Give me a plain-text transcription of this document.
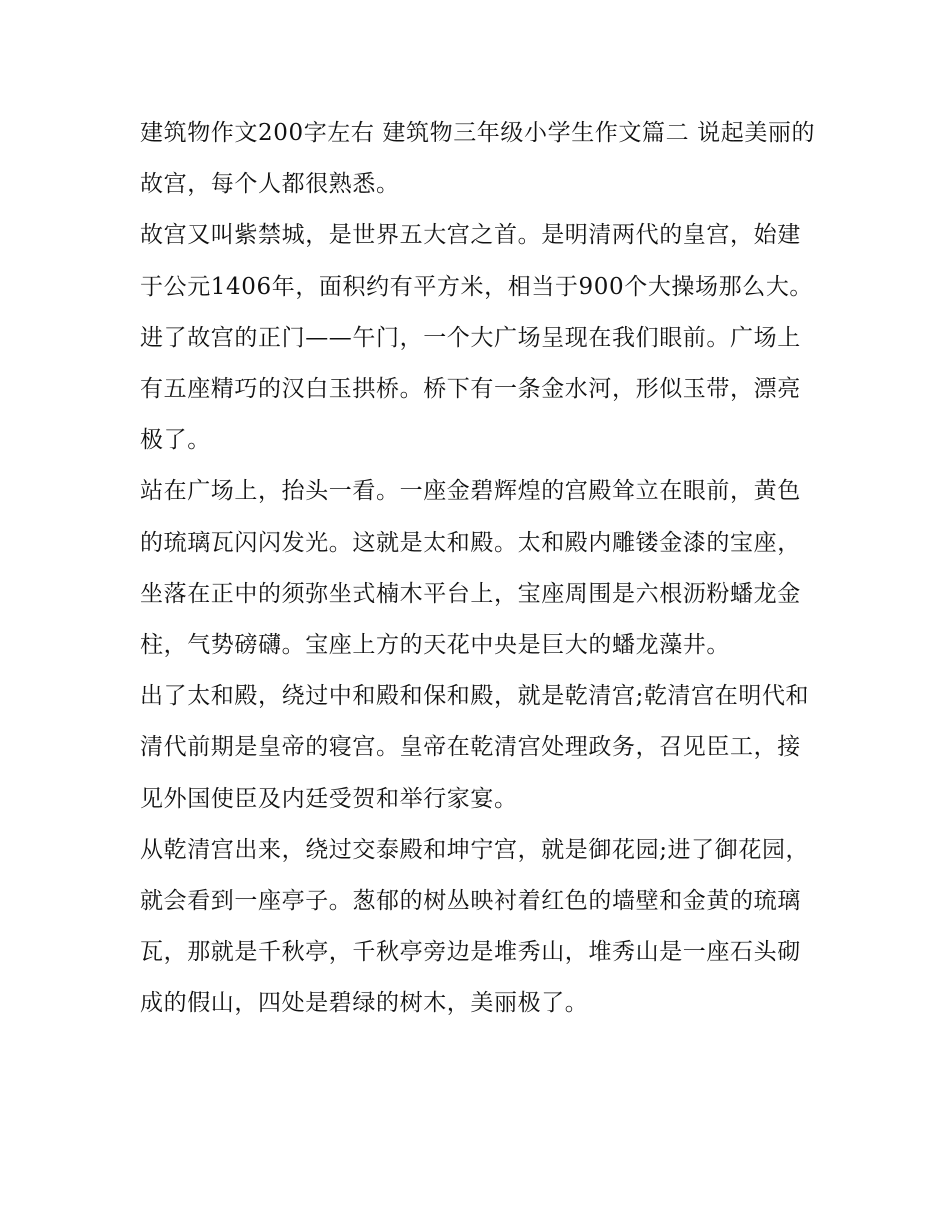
建筑物作文200字左右 建筑物三年级小学生作文篇二 说起美丽的故宫，每个人都很熟悉。

故宫又叫紫禁城，是世界五大宫之首。是明清两代的皇宫，始建于公元1406年，面积约有平方米，相当于900个大操场那么大。

进了故宫的正门——午门，一个大广场呈现在我们眼前。广场上有五座精巧的汉白玉拱桥。桥下有一条金水河，形似玉带，漂亮极了。

站在广场上，抬头一看。一座金碧辉煌的宫殿耸立在眼前，黄色的琉璃瓦闪闪发光。这就是太和殿。太和殿内雕镂金漆的宝座，坐落在正中的须弥坐式楠木平台上，宝座周围是六根沥粉蟠龙金柱，气势磅礴。宝座上方的天花中央是巨大的蟠龙藻井。

出了太和殿，绕过中和殿和保和殿，就是乾清宫;乾清宫在明代和清代前期是皇帝的寝宫。皇帝在乾清宫处理政务，召见臣工，接见外国使臣及内廷受贺和举行家宴。

从乾清宫出来，绕过交泰殿和坤宁宫，就是御花园;进了御花园，就会看到一座亭子。葱郁的树丛映衬着红色的墙壁和金黄的琉璃瓦，那就是千秋亭，千秋亭旁边是堆秀山，堆秀山是一座石头砌成的假山，四处是碧绿的树木，美丽极了。
